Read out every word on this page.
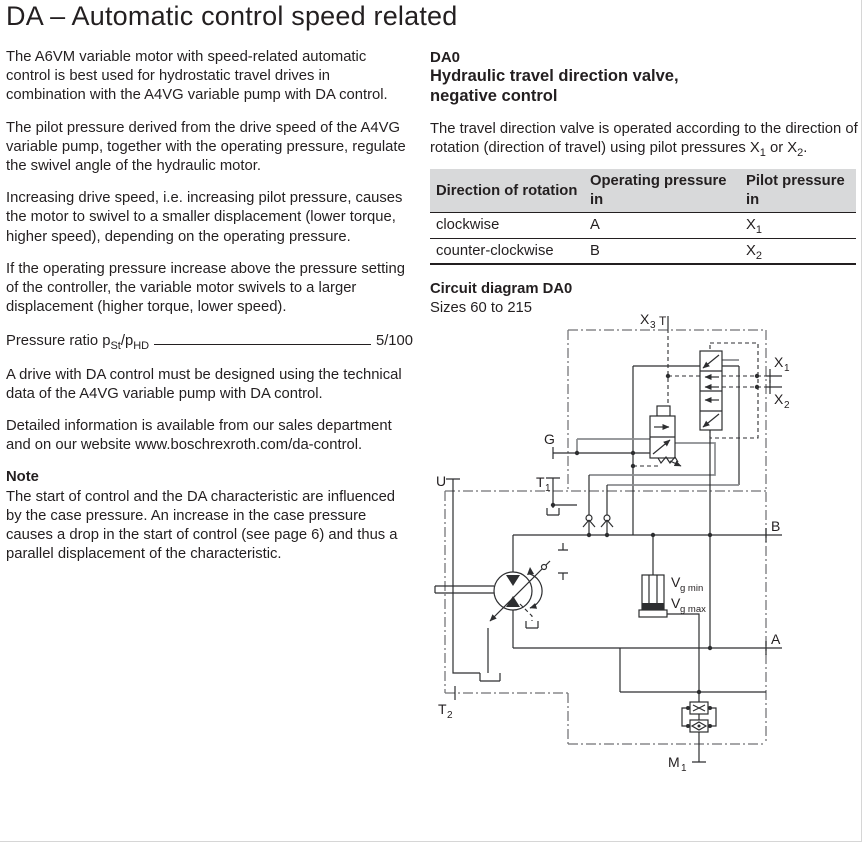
DA – Automatic control speed related

The A6VM variable motor with speed-related automatic control is best used for hydrostatic travel drives in combination with the A4VG variable pump with DA control.

The pilot pressure derived from the drive speed of the A4VG variable pump, together with the operating pressure, regulate the swivel angle of the hydraulic motor.

Increasing drive speed, i.e. increasing pilot pressure, causes the motor to swivel to a smaller displacement (lower torque, higher speed), depending on the operating pressure.

If the operating pressure increase above the pressure setting of the controller, the variable motor swivels to a larger displacement (higher torque, lower speed).

Pressure ratio $p_{St}/p_{HD}$	5/100

A drive with DA control must be designed using the technical data of the A4VG variable pump with DA control.

Detailed information is available from our sales department and on our website www.boschrexroth.com/da-control.

Note

The start of control and the DA characteristic are influenced by the case pressure. An increase in the case pressure causes a drop in the start of control (see page 6) and thus a parallel displacement of the characteristic.

DA0

Hydraulic travel direction valve,
negative control

The travel direction valve is operated according to the direction of rotation (direction of travel) using pilot pressures $X_1$ or $X_2$.

Direction of rotation	Operating pressure in	Pilot pressure in
clockwise	A	$X_1$
counter-clockwise	B	$X_2$

Circuit diagram DA0

Sizes 60 to 215

X 3 T
X 1
X 2
B
A
U	T 1
G
T 2
M 1
V g min
V g max
